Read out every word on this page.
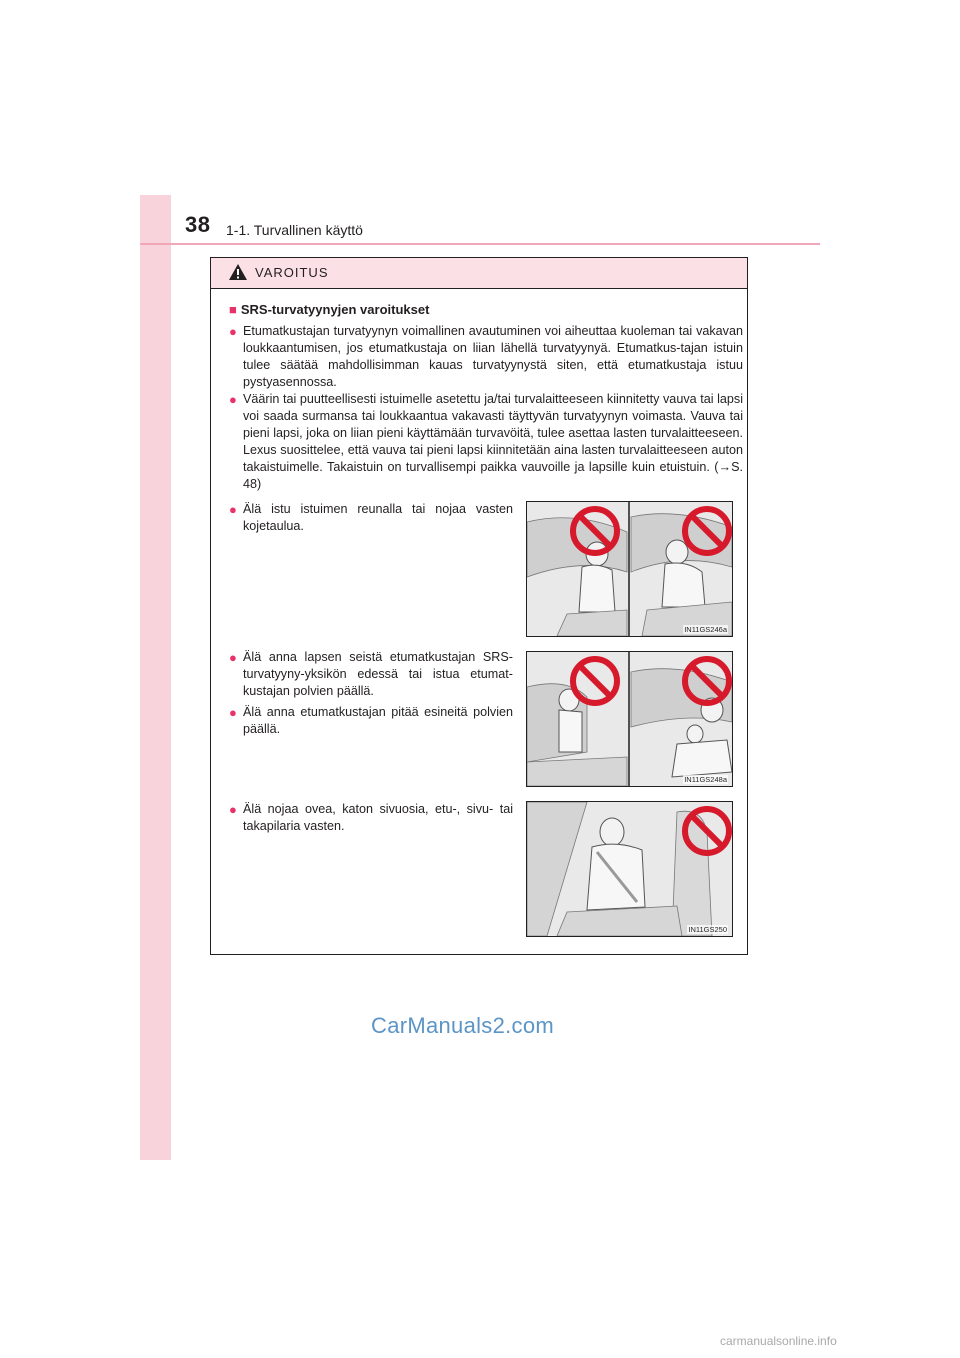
38 1-1. Turvallinen käyttö
VAROITUS
■ SRS-turvatyynyjen varoitukset
● Etumatkustajan turvatyynyn voimallinen avautuminen voi aiheuttaa kuoleman tai vakavan loukkaantumisen, jos etumatkustaja on liian lähellä turvatyynyä. Etumatkus-tajan istuin tulee säätää mahdollisimman kauas turvatyynystä siten, että etumatkustaja istuu pystyasennossa.
● Väärin tai puutteellisesti istuimelle asetettu ja/tai turvalaitteeseen kiinnitetty vauva tai lapsi voi saada surmansa tai loukkaantua vakavasti täyttyvän turvatyynyn voimasta. Vauva tai pieni lapsi, joka on liian pieni käyttämään turvavöitä, tulee asettaa lasten turvalaitteeseen. Lexus suosittelee, että vauva tai pieni lapsi kiinnitetään aina lasten turvalaitteeseen auton takaistuimelle. Takaistuin on turvallisempi paikka vauvoille ja lapsille kuin etuistuin. (→S. 48)
● Älä istu istuimen reunalla tai nojaa vasten kojetaulua.
● Älä anna lapsen seistä etumatkustajan SRS-turvatyyny-yksikön edessä tai istua etumat-kustajan polvien päällä.
● Älä anna etumatkustajan pitää esineitä polvien päällä.
● Älä nojaa ovea, katon sivuosia, etu-, sivu- tai takapilaria vasten.
IN11GS246a
IN11GS248a
IN11GS250
CarManuals2.com
carmanualsonline.info
